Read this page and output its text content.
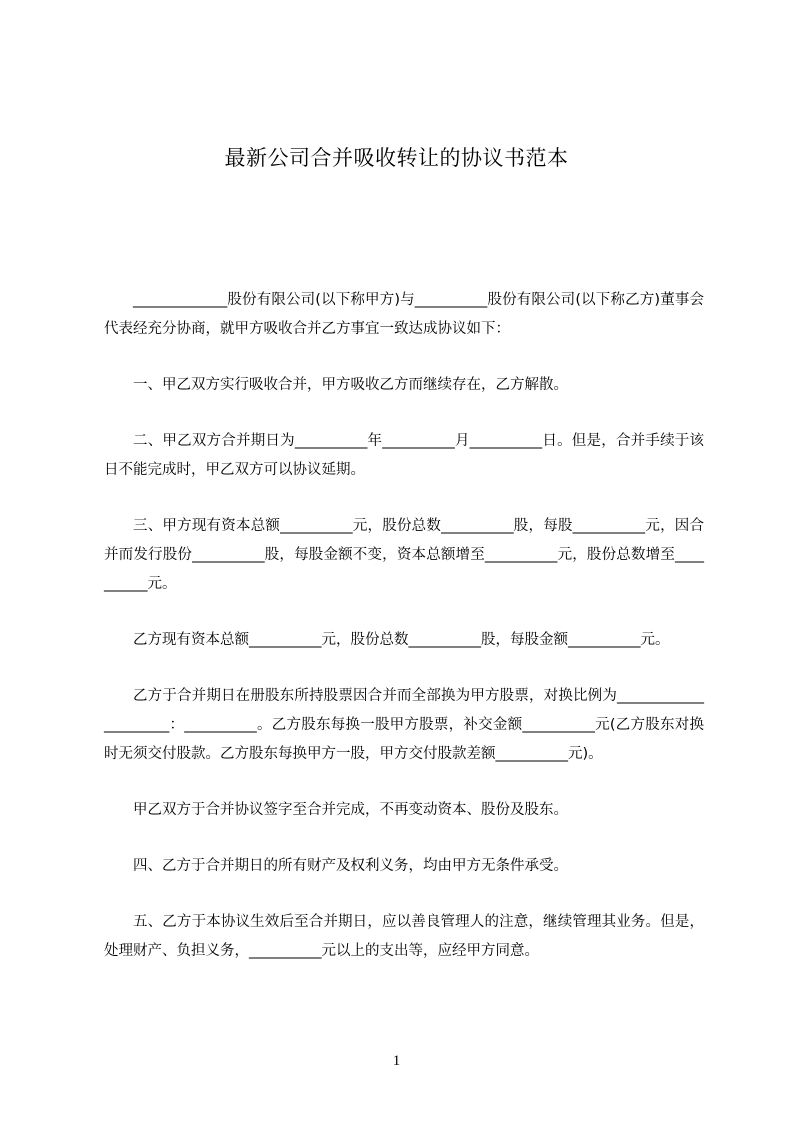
最新公司合并吸收转让的协议书范本

_____________股份有限公司(以下称甲方)与__________股份有限公司(以下称乙方)董事会代表经充分协商，就甲方吸收合并乙方事宜一致达成协议如下：

一、甲乙双方实行吸收合并，甲方吸收乙方而继续存在，乙方解散。

二、甲乙双方合并期日为__________年__________月__________日。但是，合并手续于该日不能完成时，甲乙双方可以协议延期。

三、甲方现有资本总额__________元，股份总数__________股，每股__________元，因合并而发行股份__________股，每股金额不变，资本总额增至__________元，股份总数增至__________元。

乙方现有资本总额__________元，股份总数__________股，每股金额__________元。

乙方于合并期日在册股东所持股票因合并而全部换为甲方股票，对换比例为_____________________：__________。乙方股东每换一股甲方股票，补交金额__________元(乙方股东对换时无须交付股款。乙方股东每换甲方一股，甲方交付股款差额__________元)。

甲乙双方于合并协议签字至合并完成，不再变动资本、股份及股东。

四、乙方于合并期日的所有财产及权利义务，均由甲方无条件承受。

五、乙方于本协议生效后至合并期日，应以善良管理人的注意，继续管理其业务。但是，处理财产、负担义务，__________元以上的支出等，应经甲方同意。

1
